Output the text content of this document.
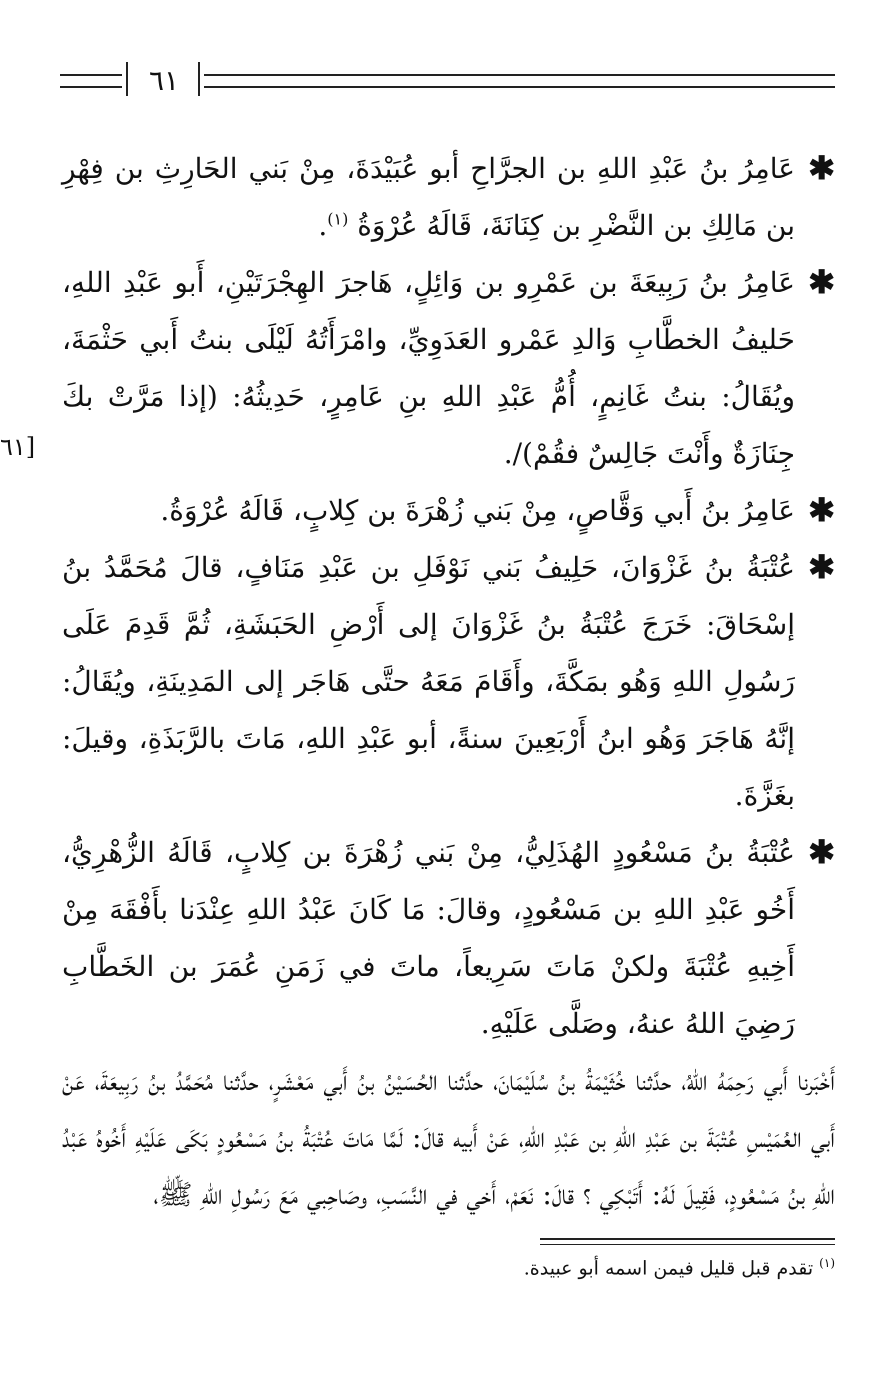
٦١
[٦١

✱
عَامِرُ بنُ عَبْدِ اللهِ بن الجرَّاحِ أبو عُبَيْدَةَ، مِنْ بَني الحَارِثِ بن فِهْرِ بن مَالِكِ بن النَّضْرِ بن كِنَانَةَ، قَالَهُ عُرْوَةُ $^{(١)}$.

✱
عَامِرُ بنُ رَبِيعَةَ بن عَمْرِو بن وَائِلٍ، هَاجرَ الهِجْرَتَيْنِ، أَبو عَبْدِ اللهِ، حَليفُ الخطَّابِ وَالدِ عَمْرو العَدَوِيِّ، وامْرَأَتُهُ لَيْلَى بنتُ أَبي حَثْمَةَ، ويُقَالُ: بنتُ غَانِمٍ، أُمُّ عَبْدِ اللهِ بنِ عَامِرٍ، حَدِيثُهُ: (إذا مَرَّتْ بكَ جِنَازَةٌ وأَنْتَ جَالِسٌ فقُمْ)/.

✱
عَامِرُ بنُ أَبي وَقَّاصٍ، مِنْ بَني زُهْرَةَ بن كِلابٍ، قَالَهُ عُرْوَةُ.

✱
عُتْبَةُ بنُ غَزْوَانَ، حَلِيفُ بَني نَوْفَلِ بن عَبْدِ مَنَافٍ، قالَ مُحَمَّدُ بنُ إسْحَاقَ: خَرَجَ عُتْبَةُ بنُ غَزْوَانَ إلى أَرْضِ الحَبَشَةِ، ثُمَّ قَدِمَ عَلَى رَسُولِ اللهِ وَهُو بمَكَّةَ، وأَقَامَ مَعَهُ حتَّى هَاجَر إلى المَدِينَةِ، ويُقَالُ: إنَّهُ هَاجَرَ وَهُو ابنُ أَرْبَعِينَ سنةً، أبو عَبْدِ اللهِ، مَاتَ بالرَّبَذَةِ، وقيلَ: بغَزَّةَ.

✱
عُتْبَةُ بنُ مَسْعُودٍ الهُذَلِيُّ، مِنْ بَني زُهْرَةَ بن كِلابٍ، قَالَهُ الزُّهْرِيُّ، أَخُو عَبْدِ اللهِ بن مَسْعُودٍ، وقالَ: مَا كَانَ عَبْدُ اللهِ عِنْدَنا بأَفْقَهَ مِنْ أَخِيهِ عُتْبَةَ ولكنْ مَاتَ سَرِيعاً، ماتَ في زَمَنِ عُمَرَ بن الخَطَّابِ رَضِيَ اللهُ عنهُ، وصَلَّى عَلَيْهِ.

أَخْبَرنا أَبي رَحِمَهُ اللهُ، حدَّثنا خُثَيْمَةُ بنُ سُلَيْمَانَ، حدَّثنا الحُسَيْنُ بنُ أَبي مَعْشَرٍ، حدَّثنا مُحَمَّدُ بنُ رَبِيعَةَ، عَنْ أَبي العُمَيْسِ عُتْبَةَ بن عَبْدِ اللهِ بن عَبْدِ اللهِ، عَنْ أَبيه قالَ: لَمَّا مَاتَ عُتْبَةُ بنُ مَسْعُودٍ بَكَى عَلَيْهِ أَخُوهُ عَبْدُ اللهِ بنُ مَسْعُودٍ، فَقِيلَ لَهُ: أَتَبْكِي ؟ قالَ: نَعَمْ، أَخي في النَّسَبِ، وصَاحِبي مَعَ رَسُولِ اللهِ ﷺ،

$^{(١)}$ تقدم قبل قليل فيمن اسمه أبو عبيدة.
